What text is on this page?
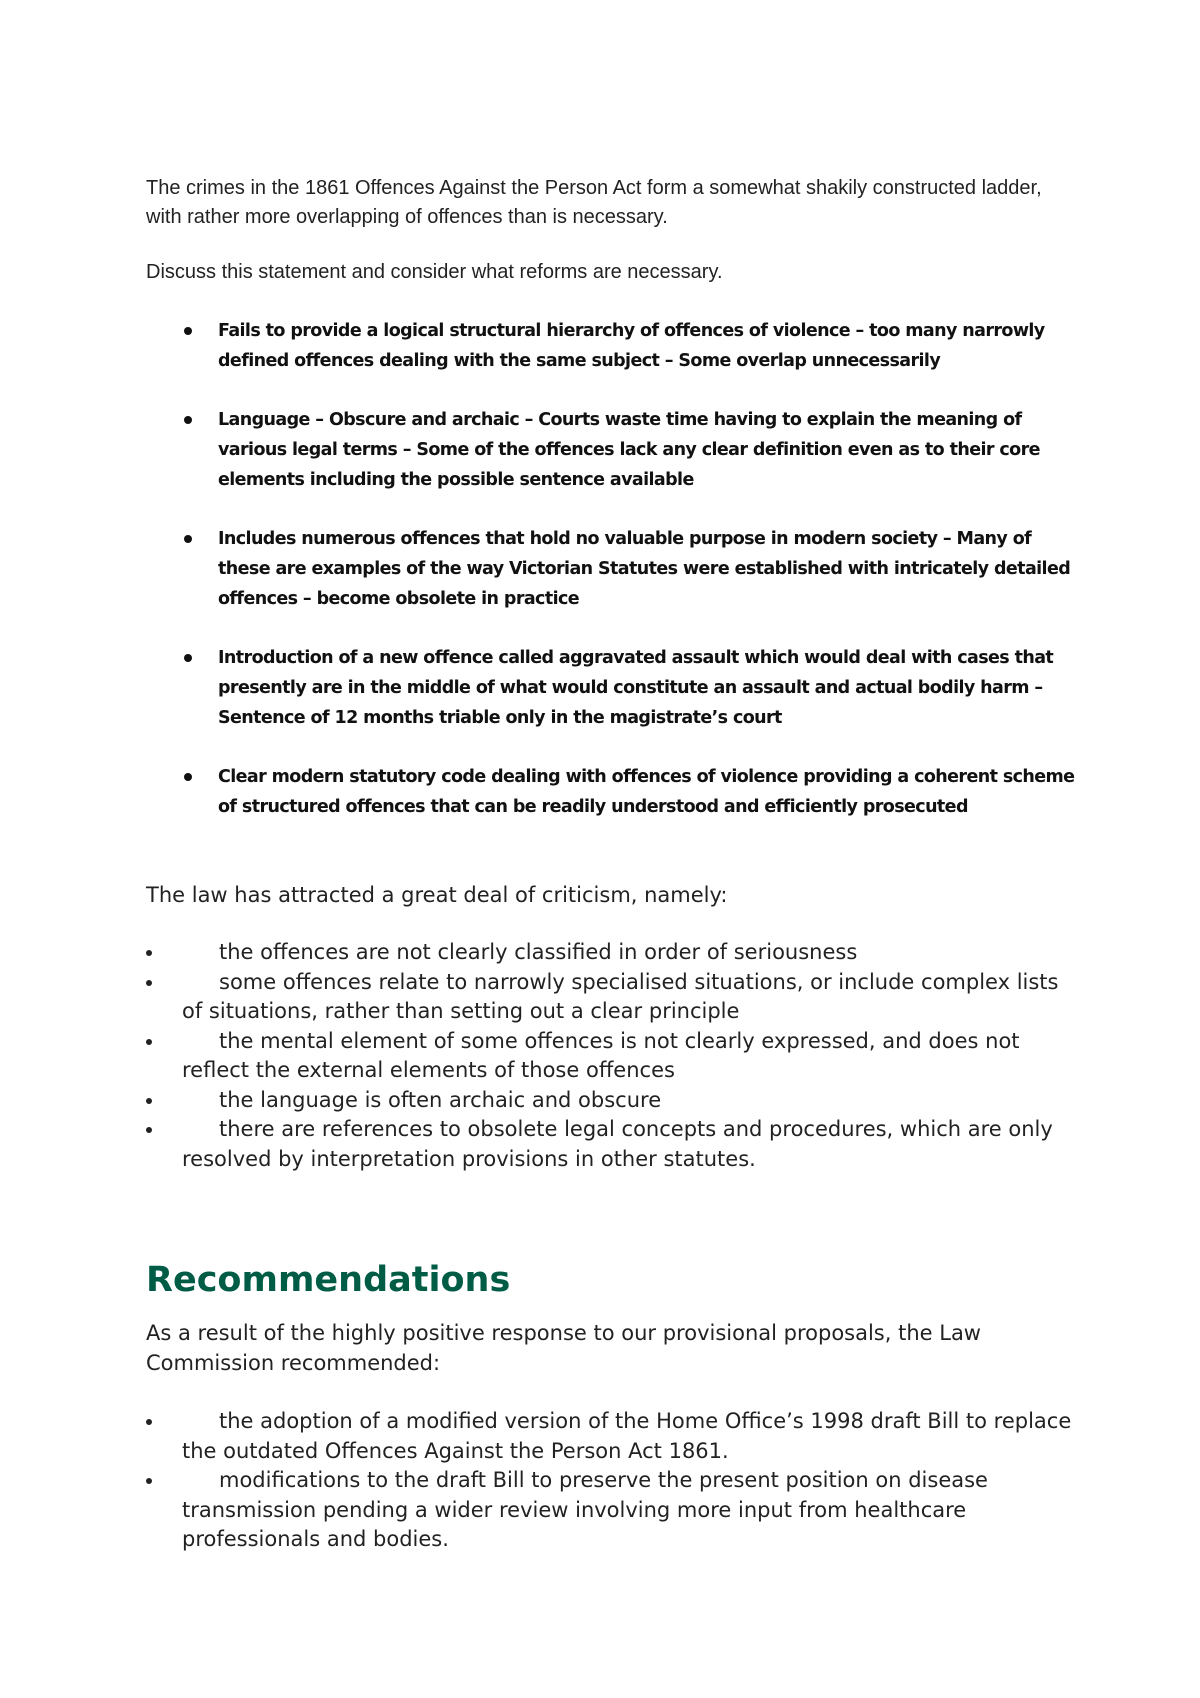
The crimes in the 1861 Offences Against the Person Act form a somewhat shakily constructed ladder, with rather more overlapping of offences than is necessary.

Discuss this statement and consider what reforms are necessary.

Fails to provide a logical structural hierarchy of offences of violence – too many narrowly defined offences dealing with the same subject – Some overlap unnecessarily
Language – Obscure and archaic – Courts waste time having to explain the meaning of various legal terms – Some of the offences lack any clear definition even as to their core elements including the possible sentence available
Includes numerous offences that hold no valuable purpose in modern society – Many of these are examples of the way Victorian Statutes were established with intricately detailed offences – become obsolete in practice
Introduction of a new offence called aggravated assault which would deal with cases that presently are in the middle of what would constitute an assault and actual bodily harm – Sentence of 12 months triable only in the magistrate’s court
Clear modern statutory code dealing with offences of violence providing a coherent scheme of structured offences that can be readily understood and efficiently prosecuted

The law has attracted a great deal of criticism, namely:

the offences are not clearly classified in order of seriousness
some offences relate to narrowly specialised situations, or include complex lists of situations, rather than setting out a clear principle
the mental element of some offences is not clearly expressed, and does not reflect the external elements of those offences
the language is often archaic and obscure
there are references to obsolete legal concepts and procedures, which are only resolved by interpretation provisions in other statutes.
Recommendations

As a result of the highly positive response to our provisional proposals, the Law Commission recommended:

the adoption of a modified version of the Home Office’s 1998 draft Bill to replace the outdated Offences Against the Person Act 1861.
modifications to the draft Bill to preserve the present position on disease transmission pending a wider review involving more input from healthcare professionals and bodies.
